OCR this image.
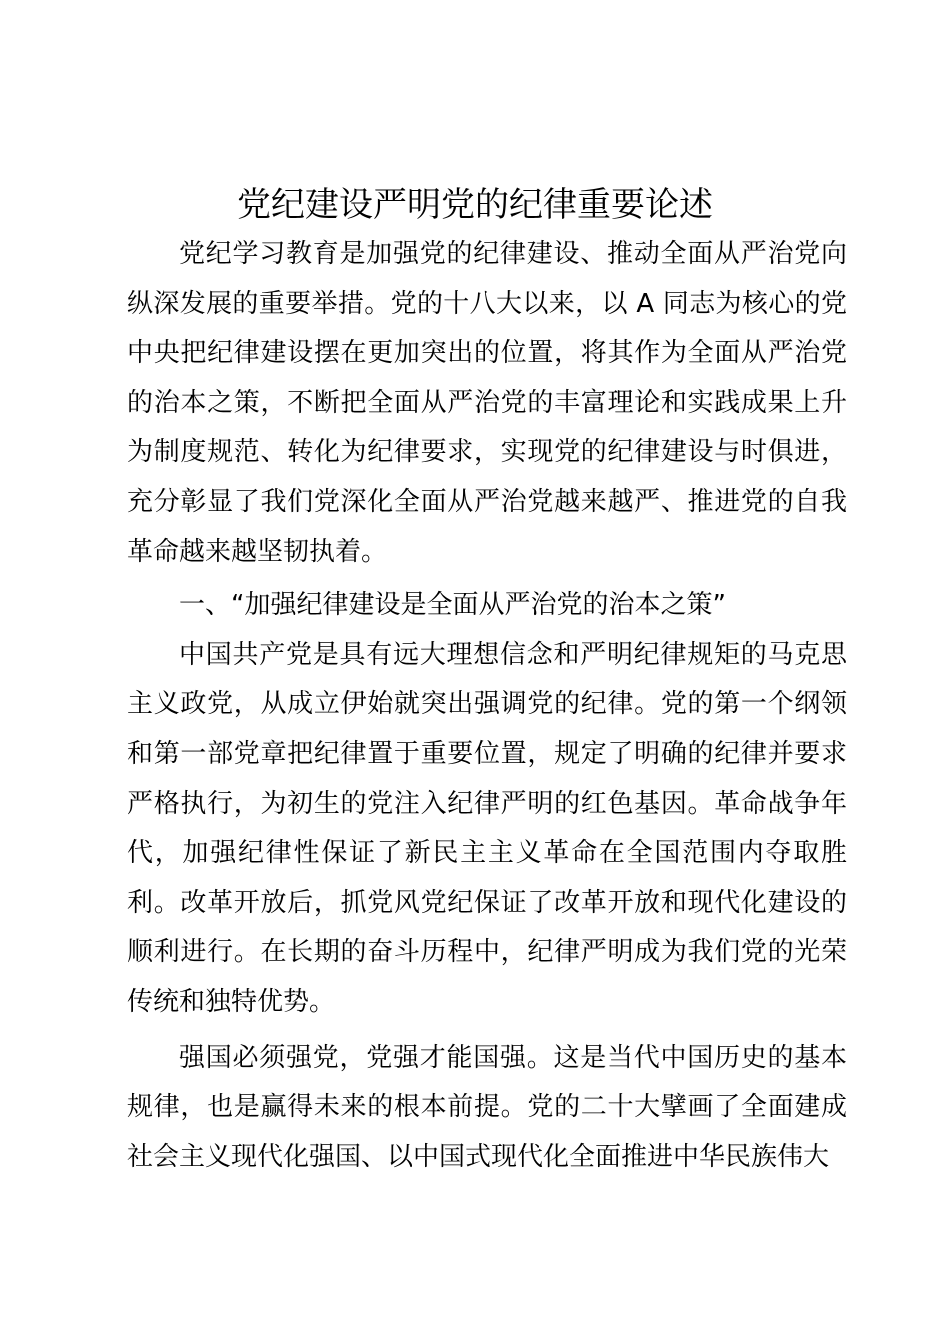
党纪建设严明党的纪律重要论述

党纪学习教育是加强党的纪律建设、推动全面从严治党向纵深发展的重要举措。党的十八大以来，以 A 同志为核心的党中央把纪律建设摆在更加突出的位置，将其作为全面从严治党的治本之策，不断把全面从严治党的丰富理论和实践成果上升为制度规范、转化为纪律要求，实现党的纪律建设与时俱进，充分彰显了我们党深化全面从严治党越来越严、推进党的自我革命越来越坚韧执着。

一、“加强纪律建设是全面从严治党的治本之策”

中国共产党是具有远大理想信念和严明纪律规矩的马克思主义政党，从成立伊始就突出强调党的纪律。党的第一个纲领和第一部党章把纪律置于重要位置，规定了明确的纪律并要求严格执行，为初生的党注入纪律严明的红色基因。革命战争年代，加强纪律性保证了新民主主义革命在全国范围内夺取胜利。改革开放后，抓党风党纪保证了改革开放和现代化建设的顺利进行。在长期的奋斗历程中，纪律严明成为我们党的光荣传统和独特优势。

强国必须强党，党强才能国强。这是当代中国历史的基本规律，也是赢得未来的根本前提。党的二十大擘画了全面建成社会主义现代化强国、以中国式现代化全面推进中华民族伟大
